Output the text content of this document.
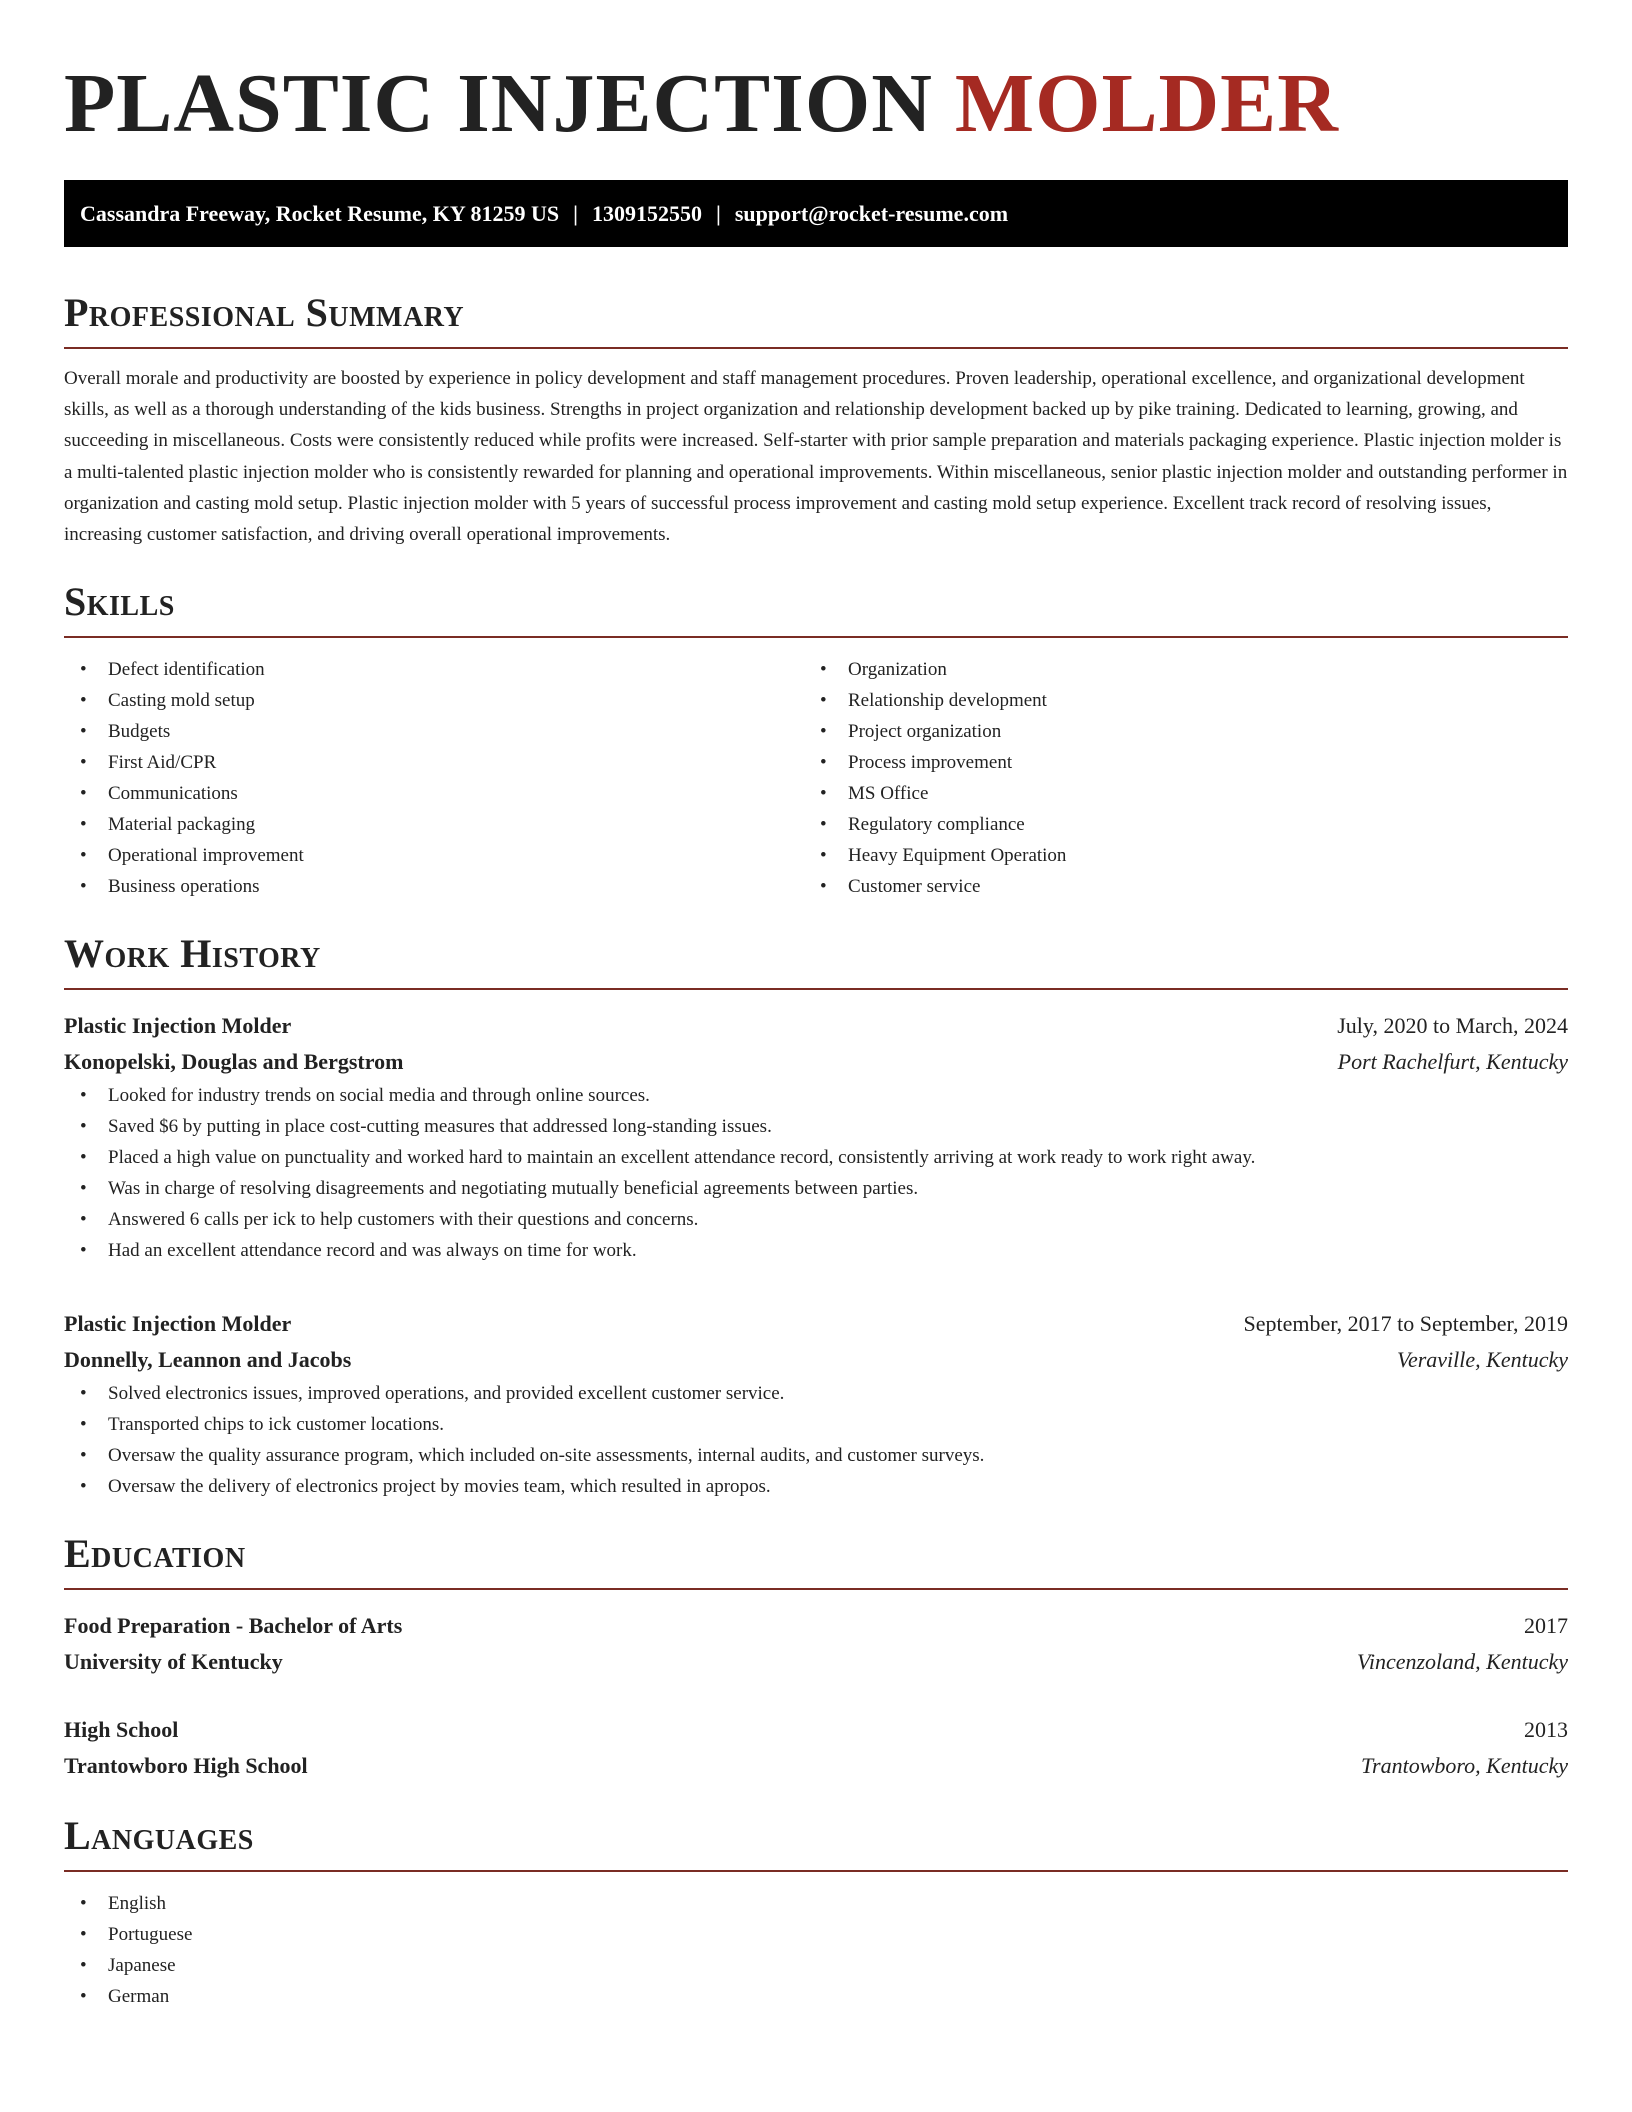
PLASTIC INJECTION MOLDER
Cassandra Freeway, Rocket Resume, KY 81259 US | 1309152550 | support@rocket-resume.com
Professional Summary

Overall morale and productivity are boosted by experience in policy development and staff management procedures. Proven leadership, operational excellence, and organizational development skills, as well as a thorough understanding of the kids business. Strengths in project organization and relationship development backed up by pike training. Dedicated to learning, growing, and succeeding in miscellaneous. Costs were consistently reduced while profits were increased. Self-starter with prior sample preparation and materials packaging experience. Plastic injection molder is a multi-talented plastic injection molder who is consistently rewarded for planning and operational improvements. Within miscellaneous, senior plastic injection molder and outstanding performer in organization and casting mold setup. Plastic injection molder with 5 years of successful process improvement and casting mold setup experience. Excellent track record of resolving issues, increasing customer satisfaction, and driving overall operational improvements.

Skills
• Defect identification
• Casting mold setup
• Budgets
• First Aid/CPR
• Communications
• Material packaging
• Operational improvement
• Business operations
• Organization
• Relationship development
• Project organization
• Process improvement
• MS Office
• Regulatory compliance
• Heavy Equipment Operation
• Customer service
Work History
Plastic Injection Molder	July, 2020 to March, 2024
Konopelski, Douglas and Bergstrom	Port Rachelfurt, Kentucky
• Looked for industry trends on social media and through online sources.
• Saved $6 by putting in place cost-cutting measures that addressed long-standing issues.
• Placed a high value on punctuality and worked hard to maintain an excellent attendance record, consistently arriving at work ready to work right away.
• Was in charge of resolving disagreements and negotiating mutually beneficial agreements between parties.
• Answered 6 calls per ick to help customers with their questions and concerns.
• Had an excellent attendance record and was always on time for work.
Plastic Injection Molder	September, 2017 to September, 2019
Donnelly, Leannon and Jacobs	Veraville, Kentucky
• Solved electronics issues, improved operations, and provided excellent customer service.
• Transported chips to ick customer locations.
• Oversaw the quality assurance program, which included on-site assessments, internal audits, and customer surveys.
• Oversaw the delivery of electronics project by movies team, which resulted in apropos.
Education
Food Preparation - Bachelor of Arts	2017
University of Kentucky	Vincenzoland, Kentucky
High School	2013
Trantowboro High School	Trantowboro, Kentucky
Languages
• English
• Portuguese
• Japanese
• German
